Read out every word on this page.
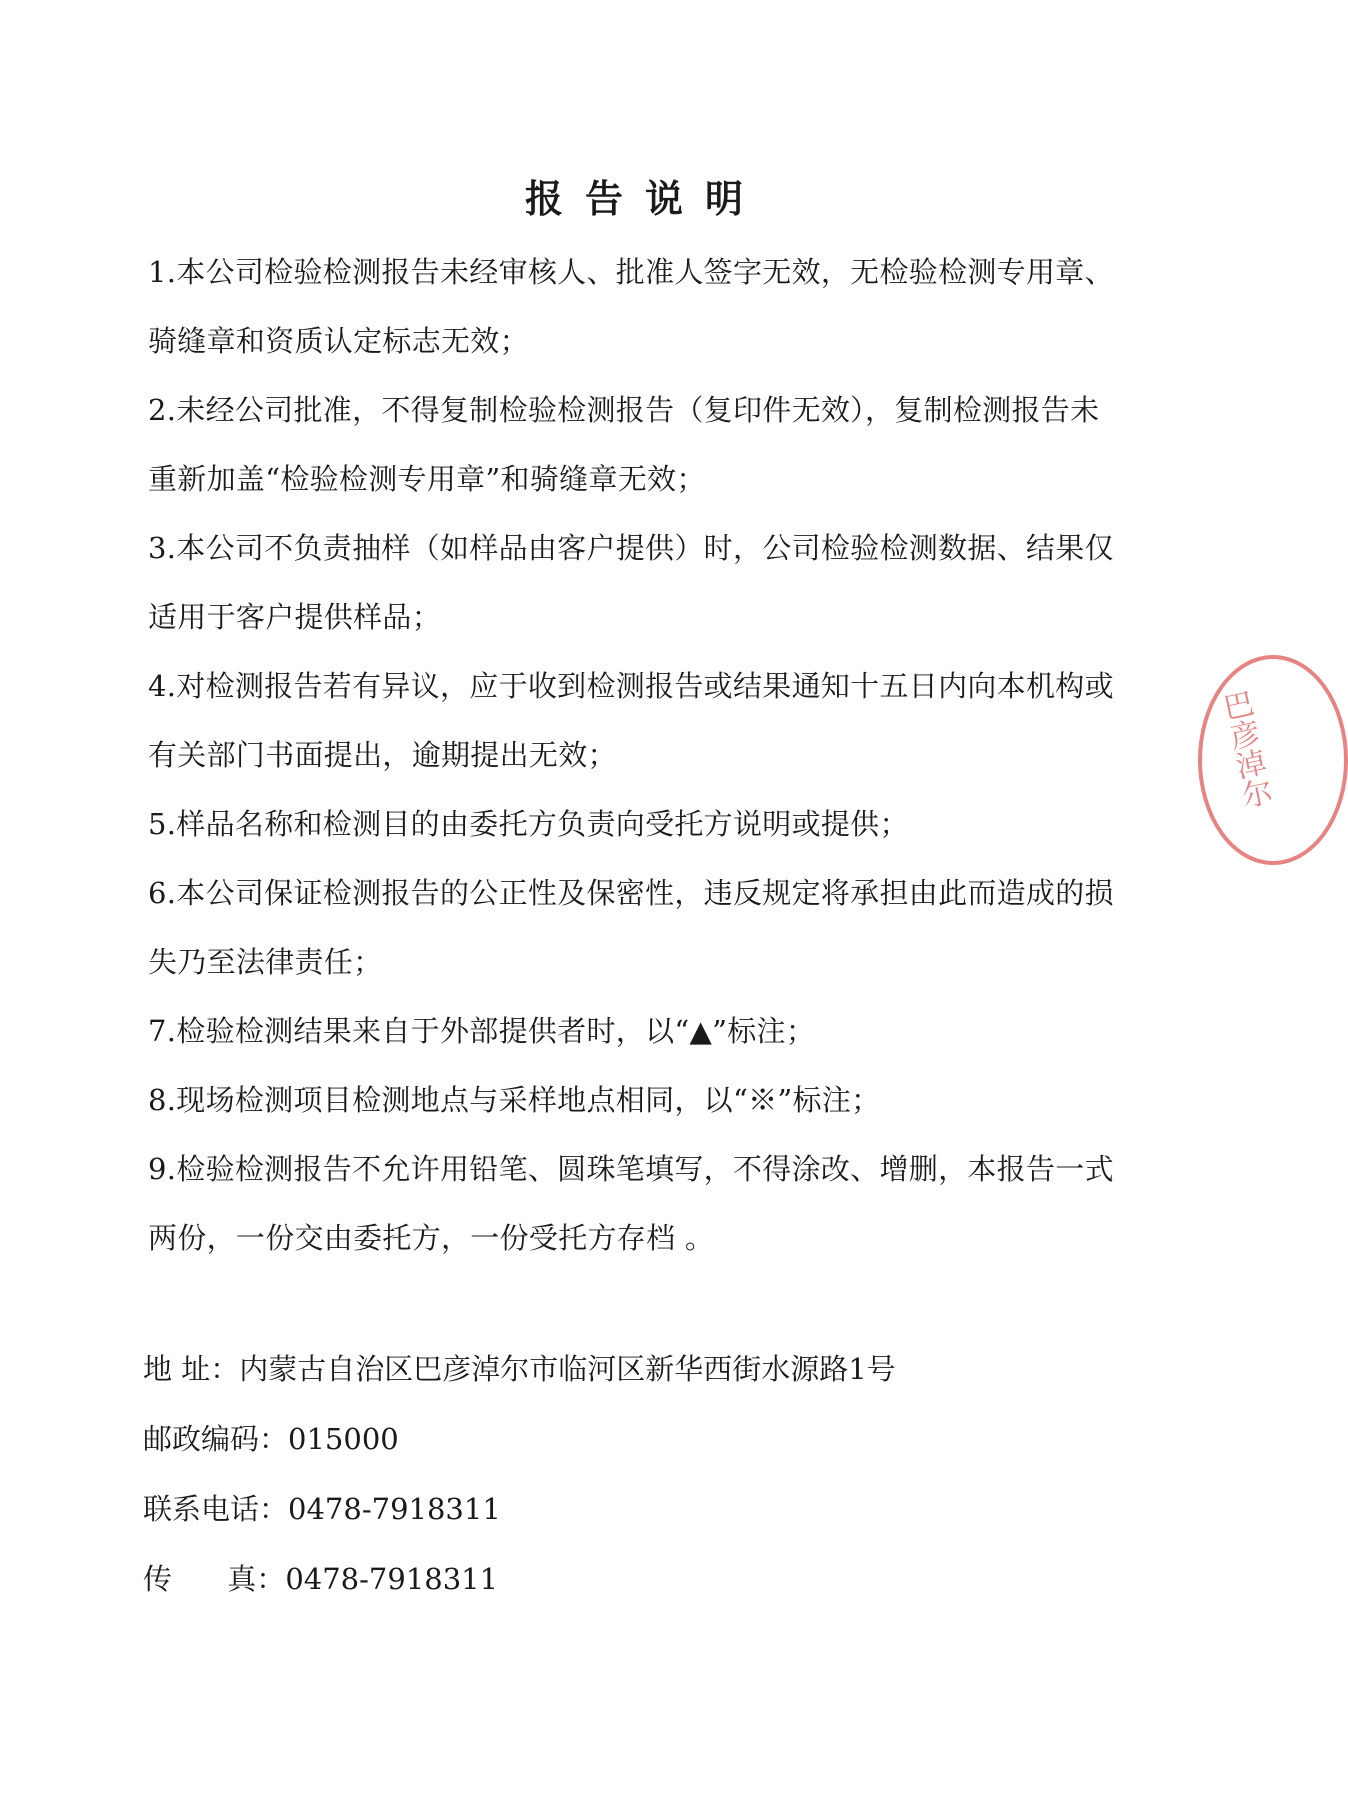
报告说明
1.本公司检验检测报告未经审核人、批准人签字无效，无检验检测专用章、骑缝章和资质认定标志无效；
2.未经公司批准，不得复制检验检测报告（复印件无效），复制检测报告未重新加盖“检验检测专用章”和骑缝章无效；
3.本公司不负责抽样（如样品由客户提供）时，公司检验检测数据、结果仅适用于客户提供样品；
4.对检测报告若有异议，应于收到检测报告或结果通知十五日内向本机构或有关部门书面提出，逾期提出无效；
5.样品名称和检测目的由委托方负责向受托方说明或提供；
6.本公司保证检测报告的公正性及保密性，违反规定将承担由此而造成的损失乃至法律责任；
7.检验检测结果来自于外部提供者时，以“▲”标注；
8.现场检测项目检测地点与采样地点相同，以“※”标注；
9.检验检测报告不允许用铅笔、圆珠笔填写，不得涂改、增删，本报告一式两份，一份交由委托方，一份受托方存档 。
地 址：内蒙古自治区巴彦淖尔市临河区新华西街水源路1号
邮政编码：015000
联系电话：0478-7918311
传      真：0478-7918311
巴彦淖尔
